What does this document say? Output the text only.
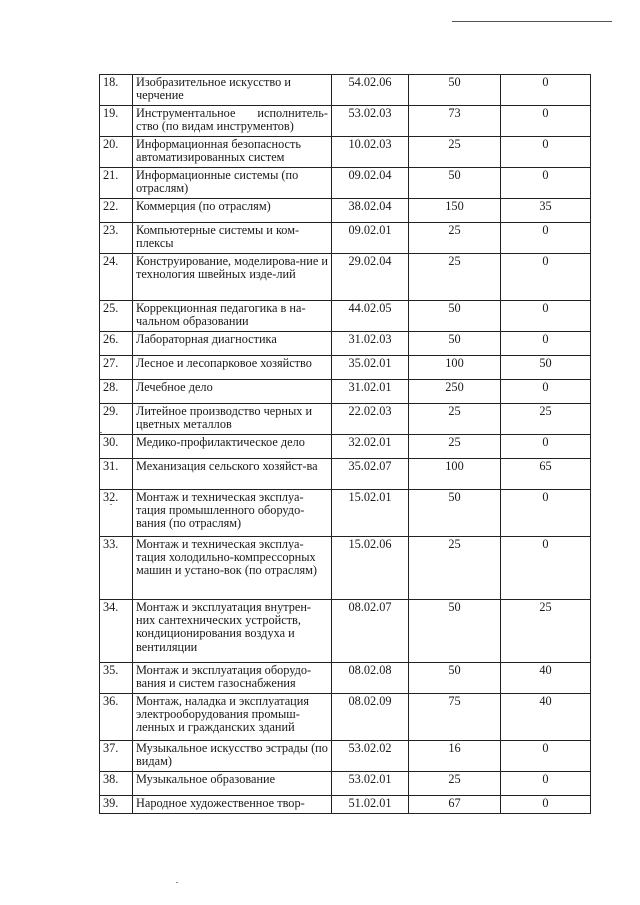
18.	Изобразительное искусство и черчение	54.02.06	50	0
19.	Инструментальное исполнитель-ство (по видам инструментов)	53.02.03	73	0
20.	Информационная безопасность автоматизированных систем	10.02.03	25	0
21.	Информационные системы (по отраслям)	09.02.04	50	0
22.	Коммерция (по отраслям)	38.02.04	150	35
23.	Компьютерные системы и ком-плексы	09.02.01	25	0
24.	Конструирование, моделирова-ние и технология швейных изде-лий	29.02.04	25	0
25.	Коррекционная педагогика в на-чальном образовании	44.02.05	50	0
26.	Лабораторная диагностика	31.02.03	50	0
27.	Лесное и лесопарковое хозяйство	35.02.01	100	50
28.	Лечебное дело	31.02.01	250	0
29.	Литейное производство черных и цветных металлов	22.02.03	25	25
30.	Медико-профилактическое дело	32.02.01	25	0
31.	Механизация сельского хозяйст-ва	35.02.07	100	65
32.	Монтаж и техническая эксплуа-тация промышленного оборудо-вания (по отраслям)	15.02.01	50	0
33.	Монтаж и техническая эксплуа-тация холодильно-компрессорных машин и устано-вок (по отраслям)	15.02.06	25	0
34.	Монтаж и эксплуатация внутрен-них сантехнических устройств, кондиционирования воздуха и вентиляции	08.02.07	50	25
35.	Монтаж и эксплуатация оборудо-вания и систем газоснабжения	08.02.08	50	40
36.	Монтаж, наладка и эксплуатация электрооборудования промыш-ленных и гражданских зданий	08.02.09	75	40
37.	Музыкальное искусство эстрады (по видам)	53.02.02	16	0
38.	Музыкальное образование	53.02.01	25	0
39.	Народное художественное твор-	51.02.01	67	0
